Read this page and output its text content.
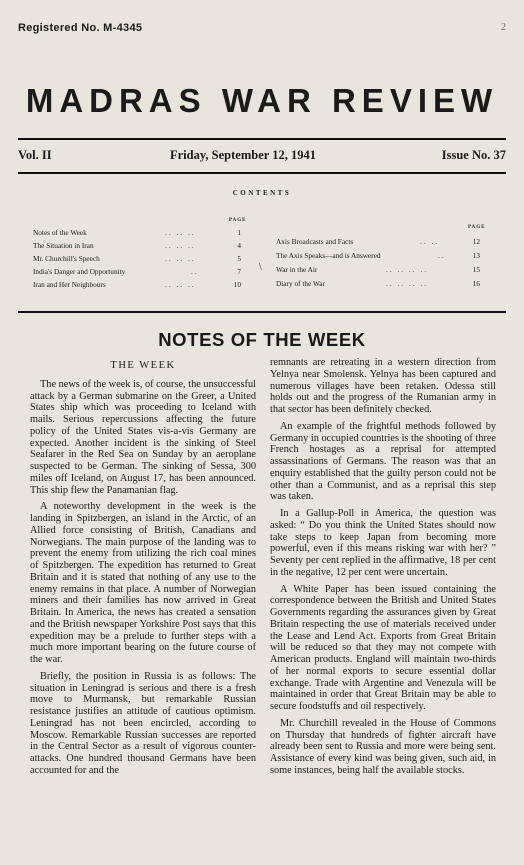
Registered No. M-4345	2
MADRAS WAR REVIEW
Vol. II	Friday, September 12, 1941	Issue No. 37
CONTENTS
PAGE
Notes of the Week	.. .. ..	1
The Situation in Iran	.. .. ..	4
Mr. Churchill's Speech	.. .. ..	5
India's Danger and Opportunity	..	7
Iran and Her Neighbours	.. .. ..	10
\
PAGE
Axis Broadcasts and Facts	.. ..	12
The Axis Speaks—and is Answered	..	13
War in the Air	.. .. .. ..	15
Diary of the War	.. .. .. ..	16
NOTES OF THE WEEK

THE WEEK

The news of the week is, of course, the unsuccessful attack by a German submarine on the Greer, a United States ship which was proceeding to Iceland with mails. Serious repercussions affecting the future policy of the United States vis-a-vis Germany are expected. Another incident is the sinking of Steel Seafarer in the Red Sea on Sunday by an aeroplane suspected to be German. The sinking of Sessa, 300 miles off Iceland, on August 17, has been announced. This ship flew the Panamanian flag.

A noteworthy development in the week is the landing in Spitzbergen, an island in the Arctic, of an Allied force consisting of British, Canadians and Norwegians. The main purpose of the landing was to prevent the enemy from utilizing the rich coal mines of Spitzbergen. The expedition has returned to Great Britain and it is stated that nothing of any use to the enemy remains in that place. A number of Norwegian miners and their families has now arrived in Great Britain. In America, the news has created a sensation and the British newspaper Yorkshire Post says that this expedition may be a prelude to further steps with a much more important bearing on the future course of the war.

Briefly, the position in Russia is as follows: The situation in Leningrad is serious and there is a fresh move to Murmansk, but remarkable Russian resistance justifies an attitude of cautious optimism. Leningrad has not been encircled, according to Moscow. Remarkable Russian successes are reported in the Central Sector as a result of vigorous counter-attacks. One hundred thousand Germans have been accounted for and the

remnants are retreating in a western direction from Yelnya near Smolensk. Yelnya has been captured and numerous villages have been retaken. Odessa still holds out and the progress of the Rumanian army in that sector has been definitely checked.

An example of the frightful methods followed by Germany in occupied countries is the shooting of three French hostages as a reprisal for attempted assassinations of Germans. The reason was that an enquiry established that the guilty person could not be other than a Communist, and as a reprisal this step was taken.

In a Gallup-Poll in America, the question was asked: “ Do you think the United States should now take steps to keep Japan from becoming more powerful, even if this means risking war with her? ” Seventy per cent replied in the affirmative, 18 per cent in the negative, 12 per cent were uncertain.

A White Paper has been issued containing the correspondence between the British and United States Governments regarding the assurances given by Great Britain respecting the use of materials received under the Lease and Lend Act. Exports from Great Britain will be reduced so that they may not compete with American products. England will maintain two-thirds of her normal exports to secure essential dollar exchange. Trade with Argentine and Venezula will be maintained in order that Great Britain may be able to secure foodstuffs and oil respectively.

Mr. Churchill revealed in the House of Commons on Thursday that hundreds of fighter aircraft have already been sent to Russia and more were being sent. Assistance of every kind was being given, such aid, in some instances, being half the available stocks.
